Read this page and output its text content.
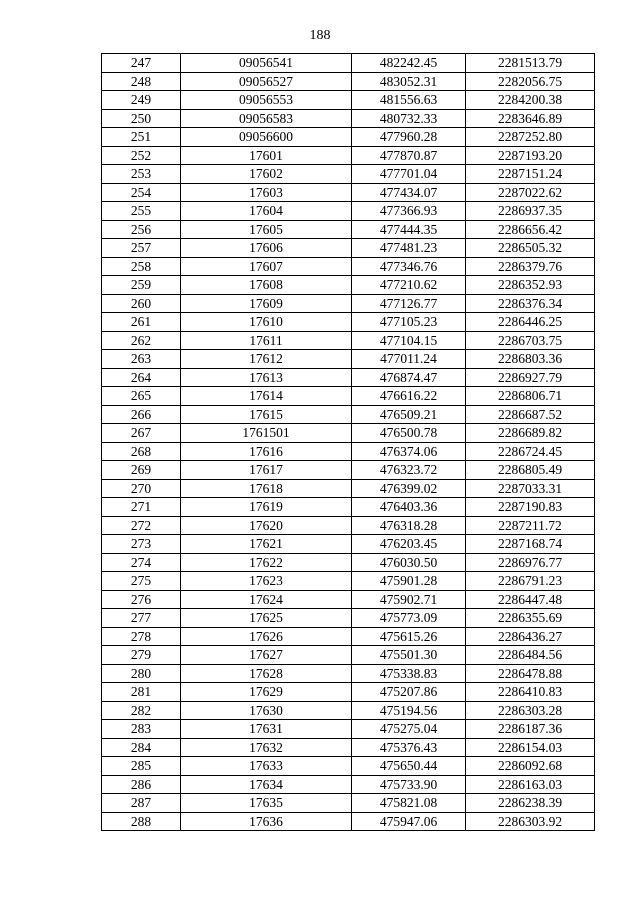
188
247	09056541	482242.45	2281513.79
248	09056527	483052.31	2282056.75
249	09056553	481556.63	2284200.38
250	09056583	480732.33	2283646.89
251	09056600	477960.28	2287252.80
252	17601	477870.87	2287193.20
253	17602	477701.04	2287151.24
254	17603	477434.07	2287022.62
255	17604	477366.93	2286937.35
256	17605	477444.35	2286656.42
257	17606	477481.23	2286505.32
258	17607	477346.76	2286379.76
259	17608	477210.62	2286352.93
260	17609	477126.77	2286376.34
261	17610	477105.23	2286446.25
262	17611	477104.15	2286703.75
263	17612	477011.24	2286803.36
264	17613	476874.47	2286927.79
265	17614	476616.22	2286806.71
266	17615	476509.21	2286687.52
267	1761501	476500.78	2286689.82
268	17616	476374.06	2286724.45
269	17617	476323.72	2286805.49
270	17618	476399.02	2287033.31
271	17619	476403.36	2287190.83
272	17620	476318.28	2287211.72
273	17621	476203.45	2287168.74
274	17622	476030.50	2286976.77
275	17623	475901.28	2286791.23
276	17624	475902.71	2286447.48
277	17625	475773.09	2286355.69
278	17626	475615.26	2286436.27
279	17627	475501.30	2286484.56
280	17628	475338.83	2286478.88
281	17629	475207.86	2286410.83
282	17630	475194.56	2286303.28
283	17631	475275.04	2286187.36
284	17632	475376.43	2286154.03
285	17633	475650.44	2286092.68
286	17634	475733.90	2286163.03
287	17635	475821.08	2286238.39
288	17636	475947.06	2286303.92
